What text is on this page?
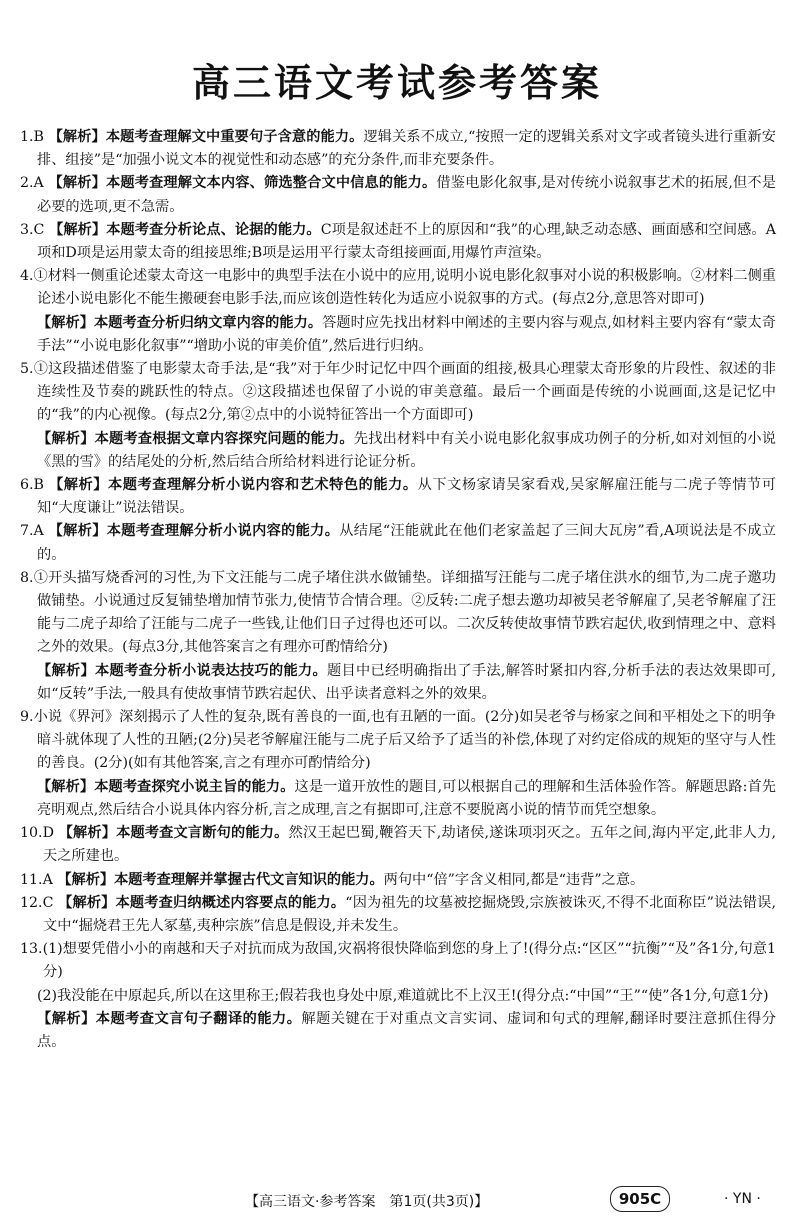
高三语文考试参考答案

1.B 【解析】本题考查理解文中重要句子含意的能力。逻辑关系不成立,“按照一定的逻辑关系对文字或者镜头进行重新安排、组接”是“加强小说文本的视觉性和动态感”的充分条件,而非充要条件。

2.A 【解析】本题考查理解文本内容、筛选整合文中信息的能力。借鉴电影化叙事,是对传统小说叙事艺术的拓展,但不是必要的选项,更不急需。

3.C 【解析】本题考查分析论点、论据的能力。C项是叙述赶不上的原因和“我”的心理,缺乏动态感、画面感和空间感。A项和D项是运用蒙太奇的组接思维;B项是运用平行蒙太奇组接画面,用爆竹声渲染。

4.①材料一侧重论述蒙太奇这一电影中的典型手法在小说中的应用,说明小说电影化叙事对小说的积极影响。②材料二侧重论述小说电影化不能生搬硬套电影手法,而应该创造性转化为适应小说叙事的方式。(每点2分,意思答对即可)

【解析】本题考查分析归纳文章内容的能力。答题时应先找出材料中阐述的主要内容与观点,如材料主要内容有“蒙太奇手法”“小说电影化叙事”“增助小说的审美价值”,然后进行归纳。

5.①这段描述借鉴了电影蒙太奇手法,是“我”对于年少时记忆中四个画面的组接,极具心理蒙太奇形象的片段性、叙述的非连续性及节奏的跳跃性的特点。②这段描述也保留了小说的审美意蕴。最后一个画面是传统的小说画面,这是记忆中的“我”的内心视像。(每点2分,第②点中的小说特征答出一个方面即可)

【解析】本题考查根据文章内容探究问题的能力。先找出材料中有关小说电影化叙事成功例子的分析,如对刘恒的小说《黑的雪》的结尾处的分析,然后结合所给材料进行论证分析。

6.B 【解析】本题考查理解分析小说内容和艺术特色的能力。从下文杨家请吴家看戏,吴家解雇汪能与二虎子等情节可知“大度谦让”说法错误。

7.A 【解析】本题考查理解分析小说内容的能力。从结尾“汪能就此在他们老家盖起了三间大瓦房”看,A项说法是不成立的。

8.①开头描写烧香河的习性,为下文汪能与二虎子堵住洪水做铺垫。详细描写汪能与二虎子堵住洪水的细节,为二虎子邀功做铺垫。小说通过反复铺垫增加情节张力,使情节合情合理。②反转:二虎子想去邀功却被吴老爷解雇了,吴老爷解雇了汪能与二虎子却给了汪能与二虎子一些钱,让他们日子过得也还可以。二次反转使故事情节跌宕起伏,收到情理之中、意料之外的效果。(每点3分,其他答案言之有理亦可酌情给分)

【解析】本题考查分析小说表达技巧的能力。题目中已经明确指出了手法,解答时紧扣内容,分析手法的表达效果即可,如“反转”手法,一般具有使故事情节跌宕起伏、出乎读者意料之外的效果。

9.小说《界河》深刻揭示了人性的复杂,既有善良的一面,也有丑陋的一面。(2分)如吴老爷与杨家之间和平相处之下的明争暗斗就体现了人性的丑陋;(2分)吴老爷解雇汪能与二虎子后又给予了适当的补偿,体现了对约定俗成的规矩的坚守与人性的善良。(2分)(如有其他答案,言之有理亦可酌情给分)

【解析】本题考查探究小说主旨的能力。这是一道开放性的题目,可以根据自己的理解和生活体验作答。解题思路:首先亮明观点,然后结合小说具体内容分析,言之成理,言之有据即可,注意不要脱离小说的情节而凭空想象。

10.D 【解析】本题考查文言断句的能力。然汉王起巴蜀,鞭笞天下,劫诸侯,遂诛项羽灭之。五年之间,海内平定,此非人力,天之所建也。

11.A 【解析】本题考查理解并掌握古代文言知识的能力。两句中“倍”字含义相同,都是“违背”之意。

12.C 【解析】本题考查归纳概述内容要点的能力。“因为祖先的坟墓被挖掘烧毁,宗族被诛灭,不得不北面称臣”说法错误,文中“掘烧君王先人冢墓,夷种宗族”信息是假设,并未发生。

13.(1)想要凭借小小的南越和天子对抗而成为敌国,灾祸将很快降临到您的身上了!(得分点:“区区”“抗衡”“及”各1分,句意1分)

(2)我没能在中原起兵,所以在这里称王;假若我也身处中原,难道就比不上汉王!(得分点:“中国”“王”“使”各1分,句意1分)

【解析】本题考查文言句子翻译的能力。解题关键在于对重点文言实词、虚词和句式的理解,翻译时要注意抓住得分点。

【高三语文·参考答案　第1页(共3页)】	905C	· YN ·
